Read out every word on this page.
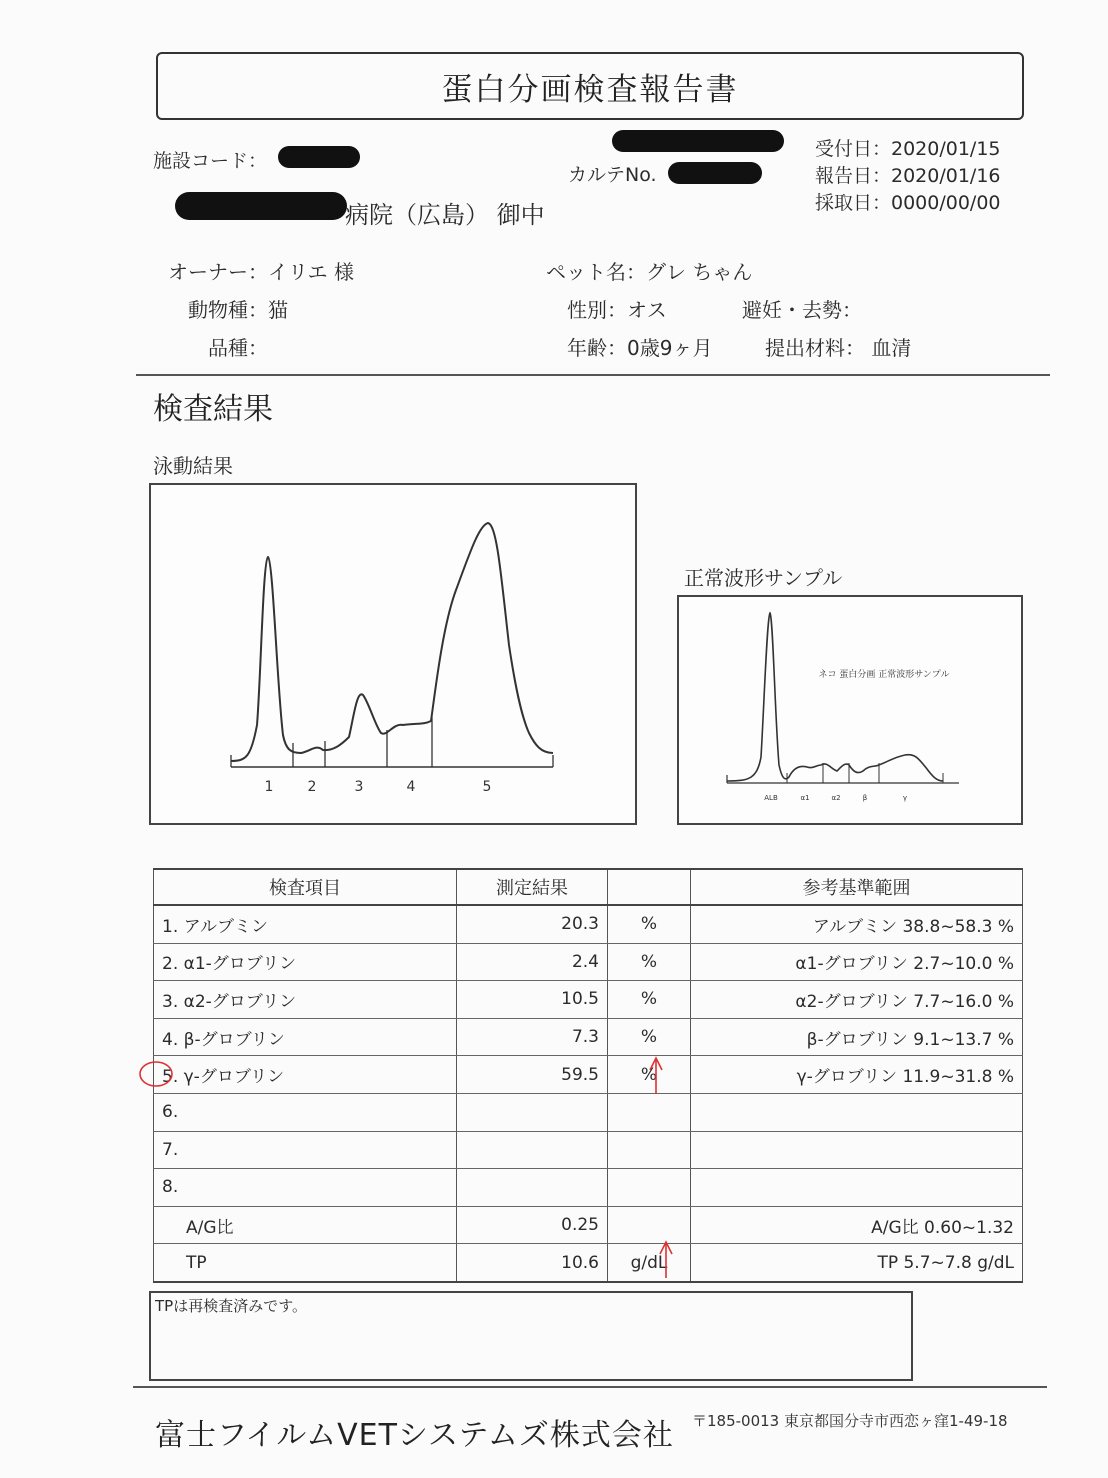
蛋白分画検査報告書
施設コード：
病院（広島） 御中
カルテNo.
受付日：2020/01/15
報告日：2020/01/16
採取日：0000/00/00
オーナー：イリエ 様
動物種：猫
品種：
ペット名：グレ ちゃん
性別：オス	避妊・去勢：
年齢：0歳9ヶ月	提出材料： 血清
検査結果
泳動結果
1 2	3	4	5
正常波形サンプル
ネコ 蛋白分画 正常波形サンプル
ALB	α1	α2	β	γ
検査項目	測定結果		参考基準範囲
1. アルブミン	20.3	%	アルブミン 38.8~58.3 %
2. α1-グロブリン	2.4	%	α1-グロブリン 2.7~10.0 %
3. α2-グロブリン	10.5	%	α2-グロブリン 7.7~16.0 %
4. β-グロブリン	7.3	%	β-グロブリン 9.1~13.7 %
5. γ-グロブリン	59.5	%	γ-グロブリン 11.9~31.8 %
6.			
7.			
8.			
A/G比	0.25		A/G比 0.60~1.32
TP	10.6	g/dL	TP 5.7~7.8 g/dL
TPは再検査済みです。
富士フイルムVETシステムズ株式会社 〒185-0013 東京都国分寺市西恋ヶ窪1-49-18
